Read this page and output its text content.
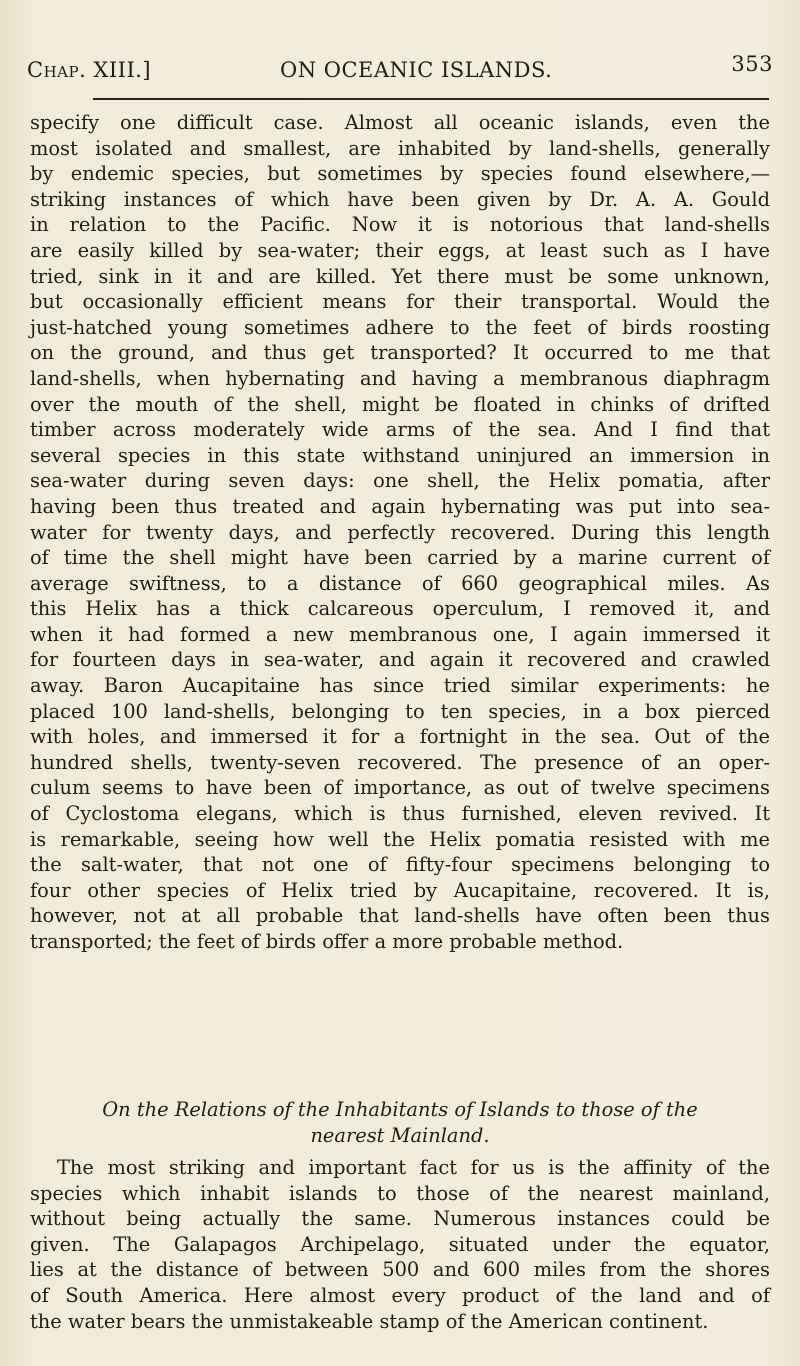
Chap. XIII.]	ON OCEANIC ISLANDS.	353
specify one difficult case. Almost all oceanic islands, even the
most isolated and smallest, are inhabited by land-shells, generally
by endemic species, but sometimes by species found elsewhere,—
striking instances of which have been given by Dr. A. A. Gould
in relation to the Pacific. Now it is notorious that land-shells
are easily killed by sea-water; their eggs, at least such as I have
tried, sink in it and are killed. Yet there must be some unknown,
but occasionally efficient means for their transportal. Would the
just-hatched young sometimes adhere to the feet of birds roosting
on the ground, and thus get transported? It occurred to me that
land-shells, when hybernating and having a membranous diaphragm
over the mouth of the shell, might be floated in chinks of drifted
timber across moderately wide arms of the sea. And I find that
several species in this state withstand uninjured an immersion in
sea-water during seven days: one shell, the Helix pomatia, after
having been thus treated and again hybernating was put into sea-
water for twenty days, and perfectly recovered. During this length
of time the shell might have been carried by a marine current of
average swiftness, to a distance of 660 geographical miles. As
this Helix has a thick calcareous operculum, I removed it, and
when it had formed a new membranous one, I again immersed it
for fourteen days in sea-water, and again it recovered and crawled
away. Baron Aucapitaine has since tried similar experiments: he
placed 100 land-shells, belonging to ten species, in a box pierced
with holes, and immersed it for a fortnight in the sea. Out of the
hundred shells, twenty-seven recovered. The presence of an oper-
culum seems to have been of importance, as out of twelve specimens
of Cyclostoma elegans, which is thus furnished, eleven revived. It
is remarkable, seeing how well the Helix pomatia resisted with me
the salt-water, that not one of fifty-four specimens belonging to
four other species of Helix tried by Aucapitaine, recovered. It is,
however, not at all probable that land-shells have often been thus
transported; the feet of birds offer a more probable method.
On the Relations of the Inhabitants of Islands to those of the
nearest Mainland.
The most striking and important fact for us is the affinity of the
species which inhabit islands to those of the nearest mainland,
without being actually the same. Numerous instances could be
given. The Galapagos Archipelago, situated under the equator,
lies at the distance of between 500 and 600 miles from the shores
of South America. Here almost every product of the land and of
the water bears the unmistakeable stamp of the American continent.
